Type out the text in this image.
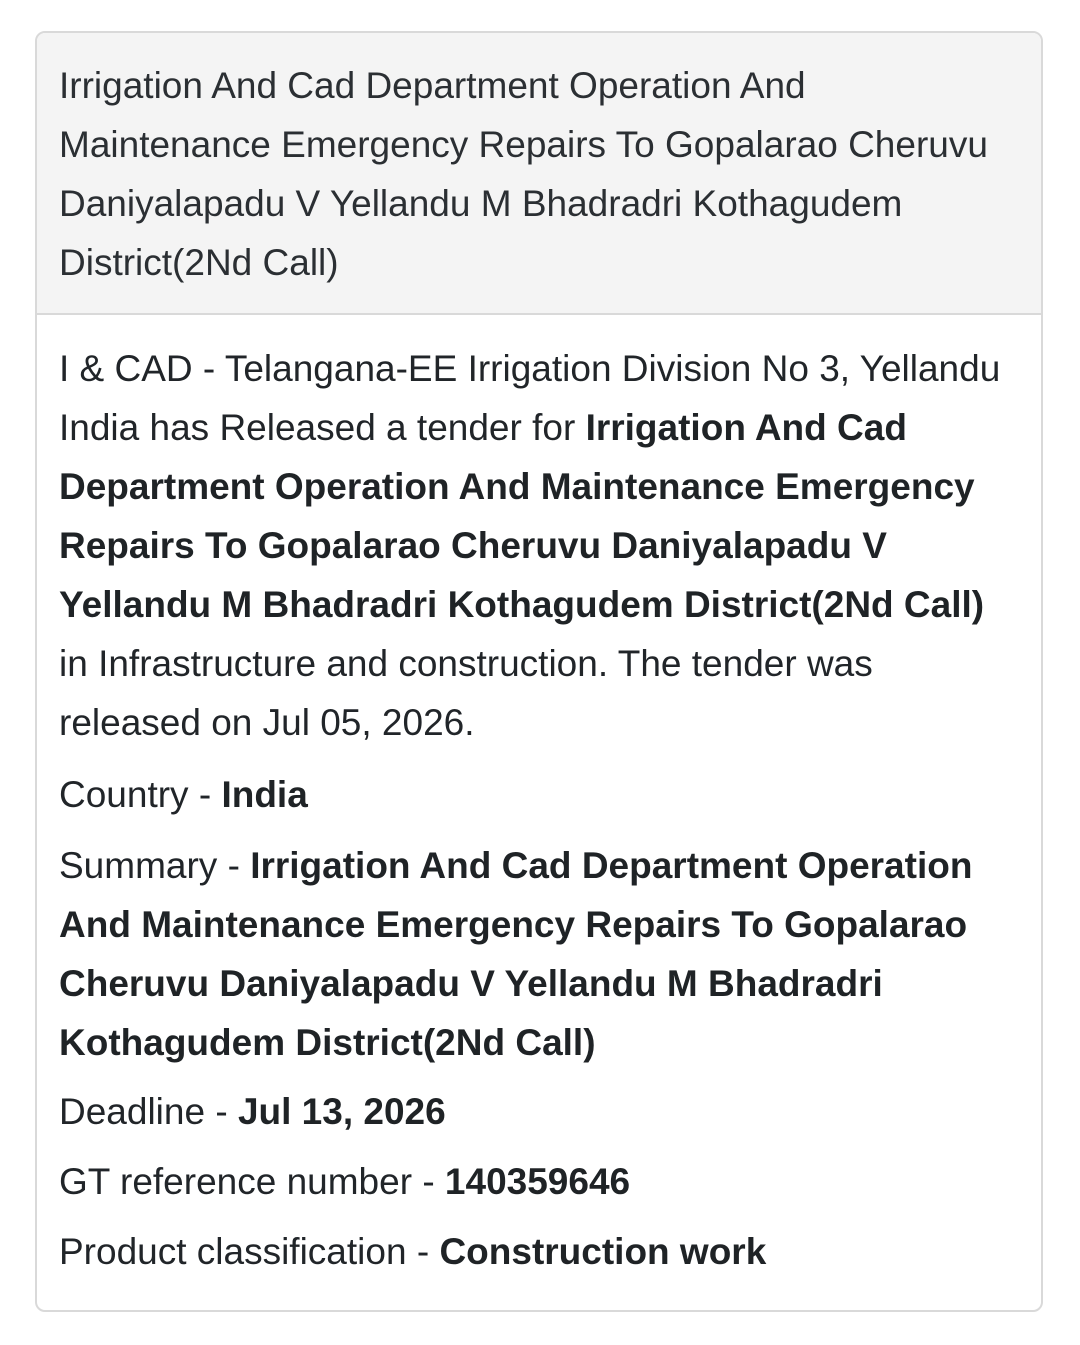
Irrigation And Cad Department Operation And Maintenance Emergency Repairs To Gopalarao Cheruvu Daniyalapadu V Yellandu M Bhadradri Kothagudem District(2Nd Call)

I & CAD - Telangana-EE Irrigation Division No 3, Yellandu India has Released a tender for Irrigation And Cad Department Operation And Maintenance Emergency Repairs To Gopalarao Cheruvu Daniyalapadu V Yellandu M Bhadradri Kothagudem District(2Nd Call) in Infrastructure and construction. The tender was released on Jul 05, 2026.

Country - India

Summary - Irrigation And Cad Department Operation And Maintenance Emergency Repairs To Gopalarao Cheruvu Daniyalapadu V Yellandu M Bhadradri Kothagudem District(2Nd Call)

Deadline - Jul 13, 2026

GT reference number - 140359646

Product classification - Construction work
